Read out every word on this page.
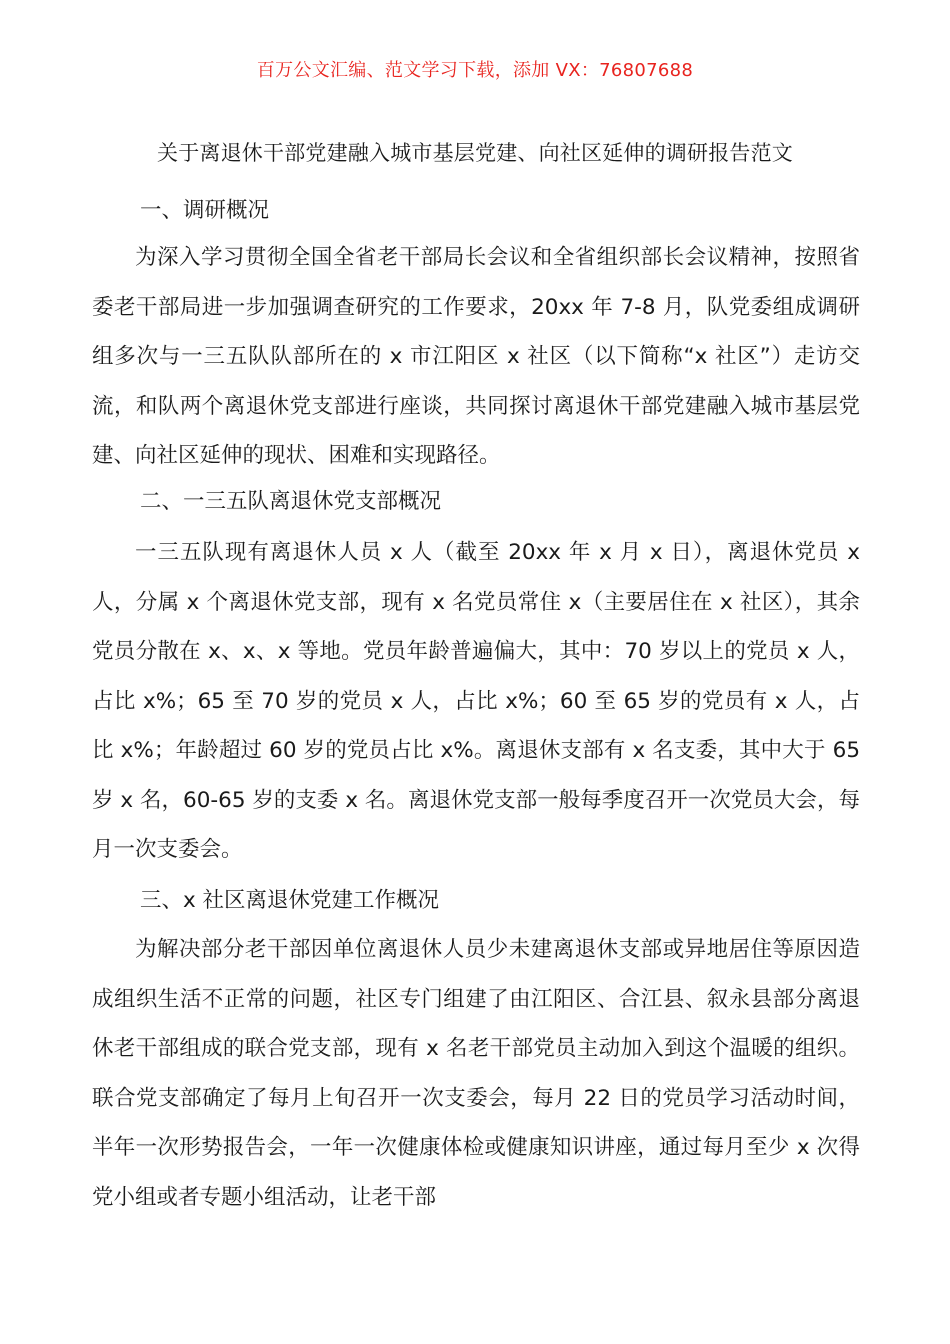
百万公文汇编、范文学习下载，添加 VX：76807688
关于离退休干部党建融入城市基层党建、向社区延伸的调研报告范文
一、调研概况

为深入学习贯彻全国全省老干部局长会议和全省组织部长会议精神，按照省委老干部局进一步加强调查研究的工作要求，20xx 年 7-8 月，队党委组成调研组多次与一三五队队部所在的 x 市江阳区 x 社区（以下简称“x 社区”）走访交流，和队两个离退休党支部进行座谈，共同探讨离退休干部党建融入城市基层党建、向社区延伸的现状、困难和实现路径。

二、一三五队离退休党支部概况

一三五队现有离退休人员 x 人（截至 20xx 年 x 月 x 日），离退休党员 x 人，分属 x 个离退休党支部，现有 x 名党员常住 x（主要居住在 x 社区），其余党员分散在 x、x、x 等地。党员年龄普遍偏大，其中：70 岁以上的党员 x 人，占比 x%；65 至 70 岁的党员 x 人，占比 x%；60 至 65 岁的党员有 x 人，占比 x%；年龄超过 60 岁的党员占比 x%。离退休支部有 x 名支委，其中大于 65 岁 x 名，60-65 岁的支委 x 名。离退休党支部一般每季度召开一次党员大会，每月一次支委会。

三、x 社区离退休党建工作概况

为解决部分老干部因单位离退休人员少未建离退休支部或异地居住等原因造成组织生活不正常的问题，社区专门组建了由江阳区、合江县、叙永县部分离退休老干部组成的联合党支部，现有 x 名老干部党员主动加入到这个温暖的组织。联合党支部确定了每月上旬召开一次支委会，每月 22 日的党员学习活动时间，半年一次形势报告会，一年一次健康体检或健康知识讲座，通过每月至少 x 次得党小组或者专题小组活动，让老干部
